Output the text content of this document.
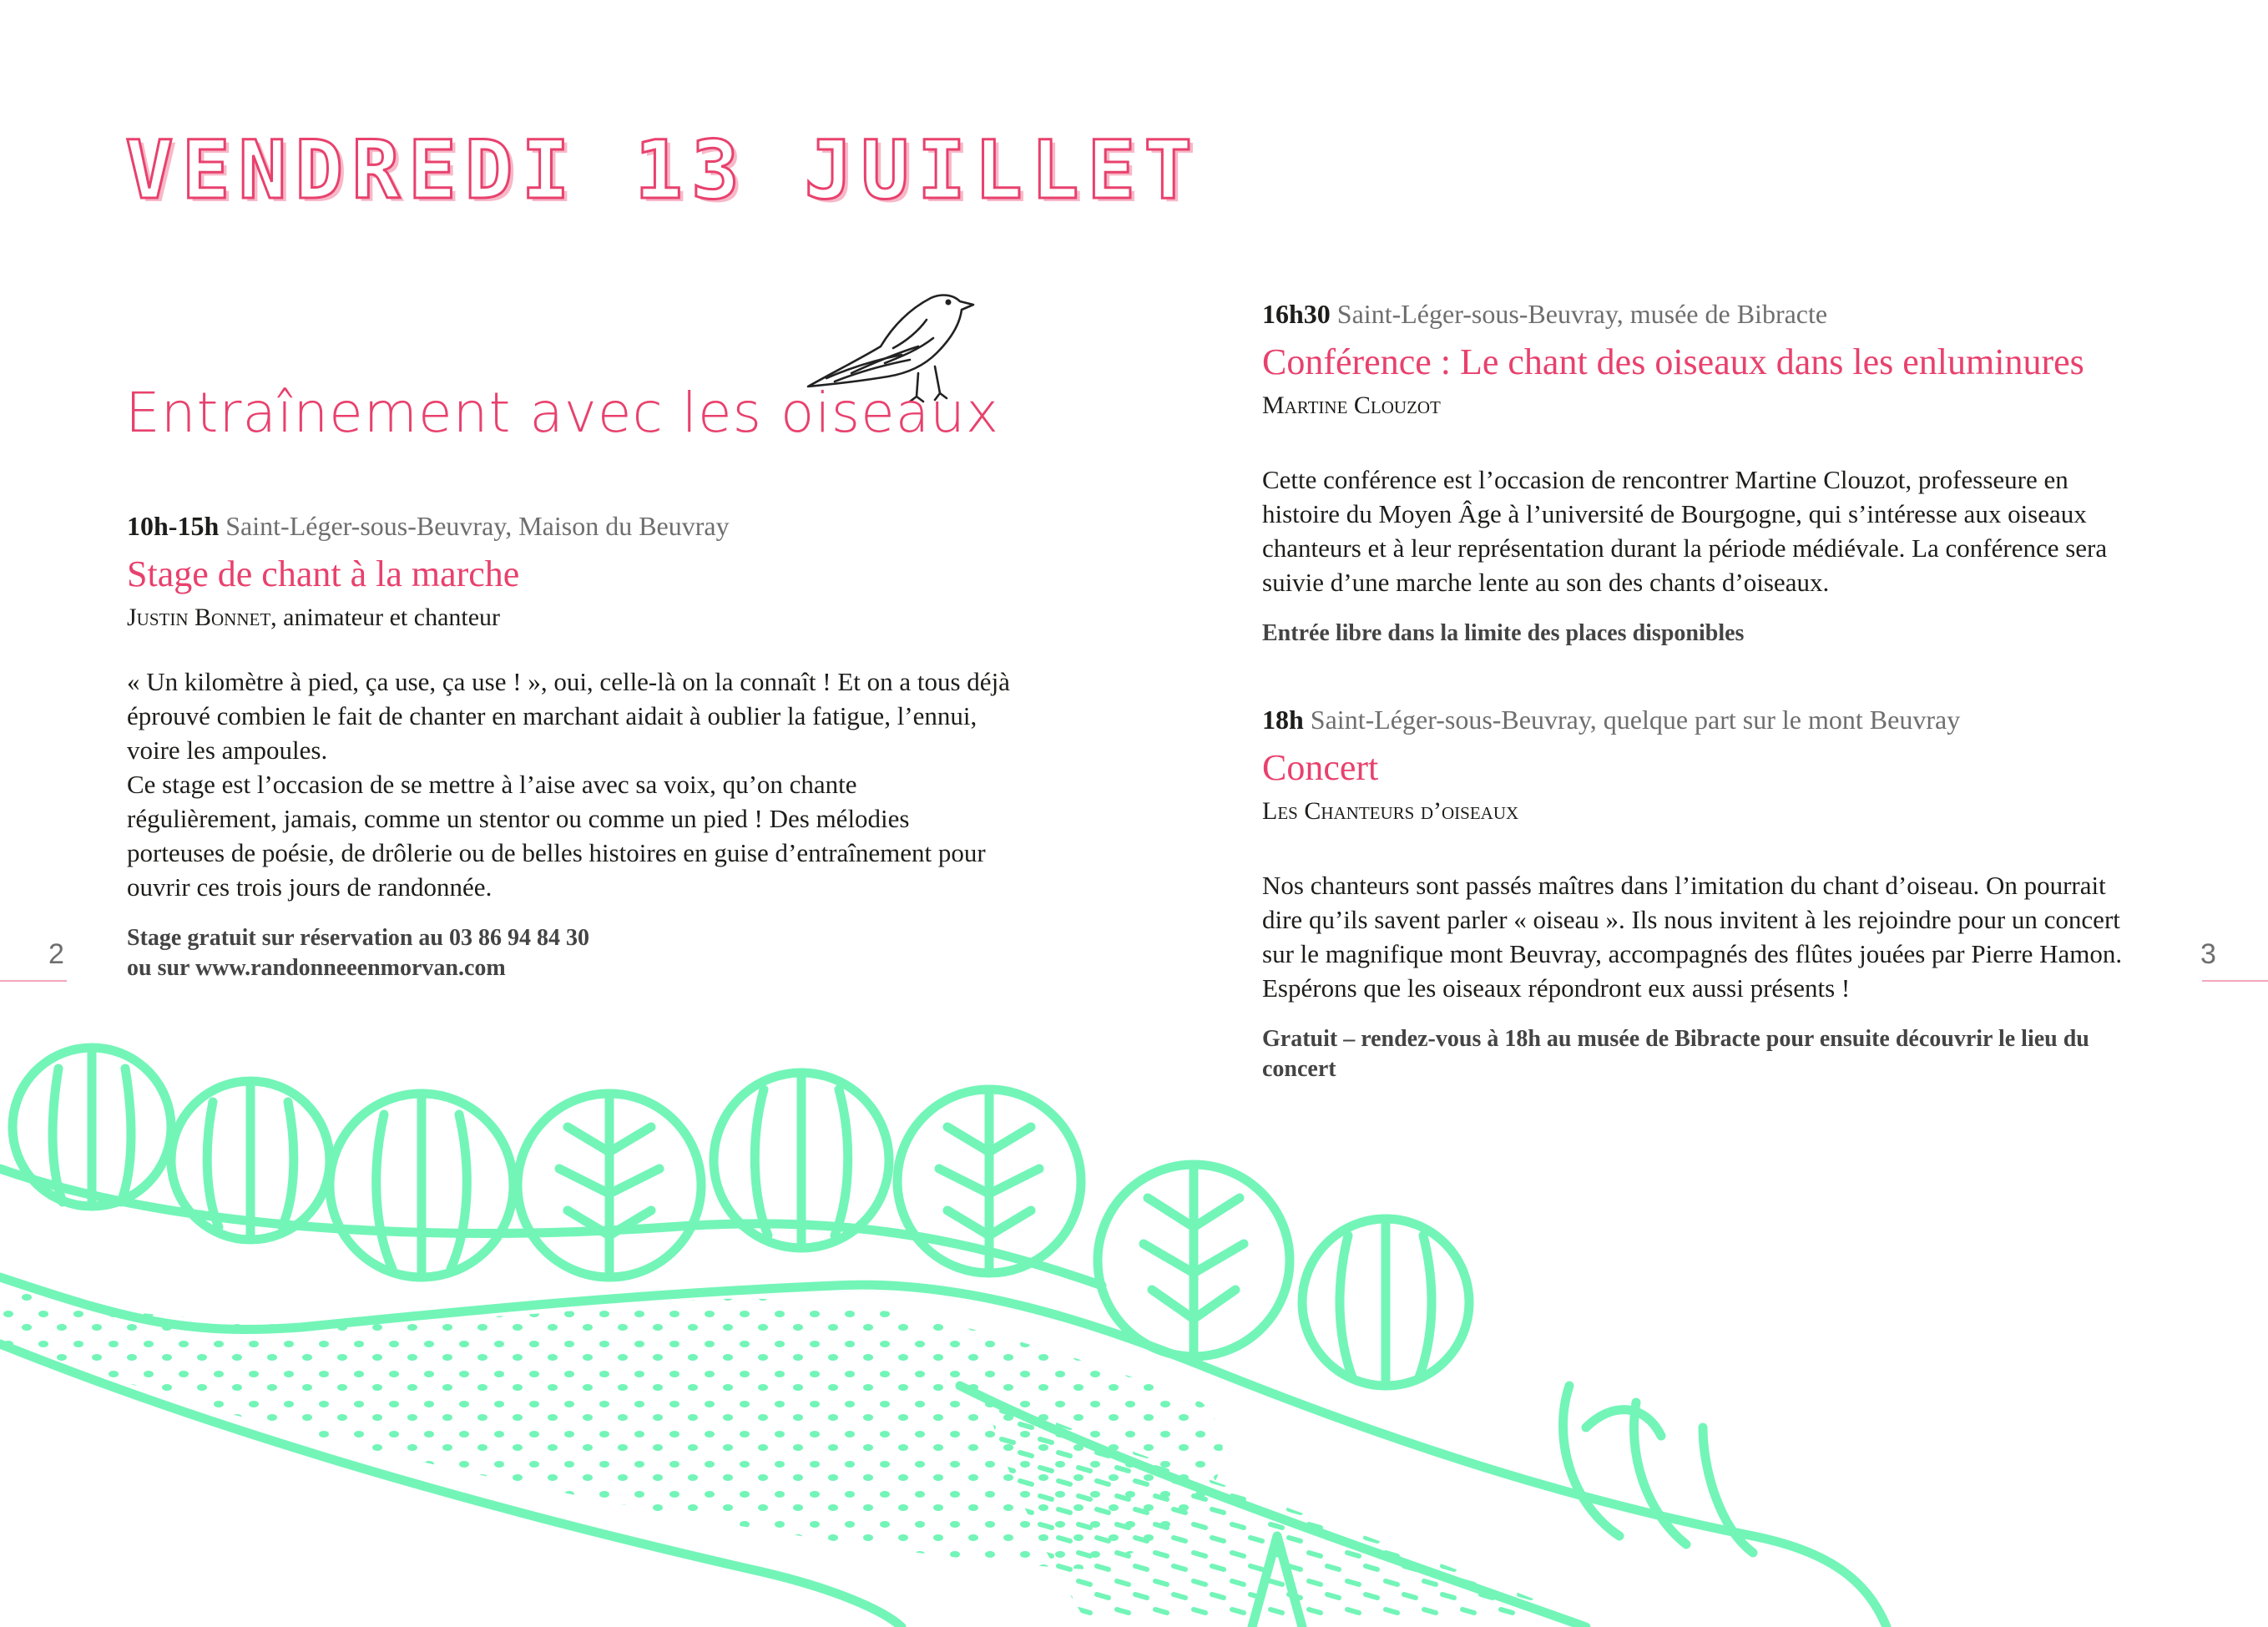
VENDREDI 13 JUILLET
Entraînement avec les oiseaux

10h-15h Saint-Léger-sous-Beuvray, Maison du Beuvray

Stage de chant à la marche

Justin Bonnet, animateur et chanteur

« Un kilomètre à pied, ça use, ça use ! », oui, celle-là on la connaît ! Et on a tous déjà éprouvé combien le fait de chanter en marchant aidait à oublier la fatigue, l’ennui, voire les ampoules.

Ce stage est l’occasion de se mettre à l’aise avec sa voix, qu’on chante régulièrement, jamais, comme un stentor ou comme un pied ! Des mélodies porteuses de poésie, de drôlerie ou de belles histoires en guise d’entraînement pour ouvrir ces trois jours de randonnée.

Stage gratuit sur réservation au 03 86 94 84 30
ou sur www.randonneeenmorvan.com

16h30 Saint-Léger-sous-Beuvray, musée de Bibracte

Conférence : Le chant des oiseaux dans les enluminures

Martine Clouzot

Cette conférence est l’occasion de rencontrer Martine Clouzot, professeure en histoire du Moyen Âge à l’université de Bourgogne, qui s’intéresse aux oiseaux chanteurs et à leur représentation durant la période médiévale. La conférence sera suivie d’une marche lente au son des chants d’oiseaux.

Entrée libre dans la limite des places disponibles

18h Saint-Léger-sous-Beuvray, quelque part sur le mont Beuvray

Concert

Les Chanteurs d’oiseaux

Nos chanteurs sont passés maîtres dans l’imitation du chant d’oiseau. On pourrait dire qu’ils savent parler « oiseau ». Ils nous invitent à les rejoindre pour un concert sur le magnifique mont Beuvray, accompagnés des flûtes jouées par Pierre Hamon. Espérons que les oiseaux répondront eux aussi présents !

Gratuit – rendez-vous à 18h au musée de Bibracte pour ensuite découvrir le lieu du concert

2	3
